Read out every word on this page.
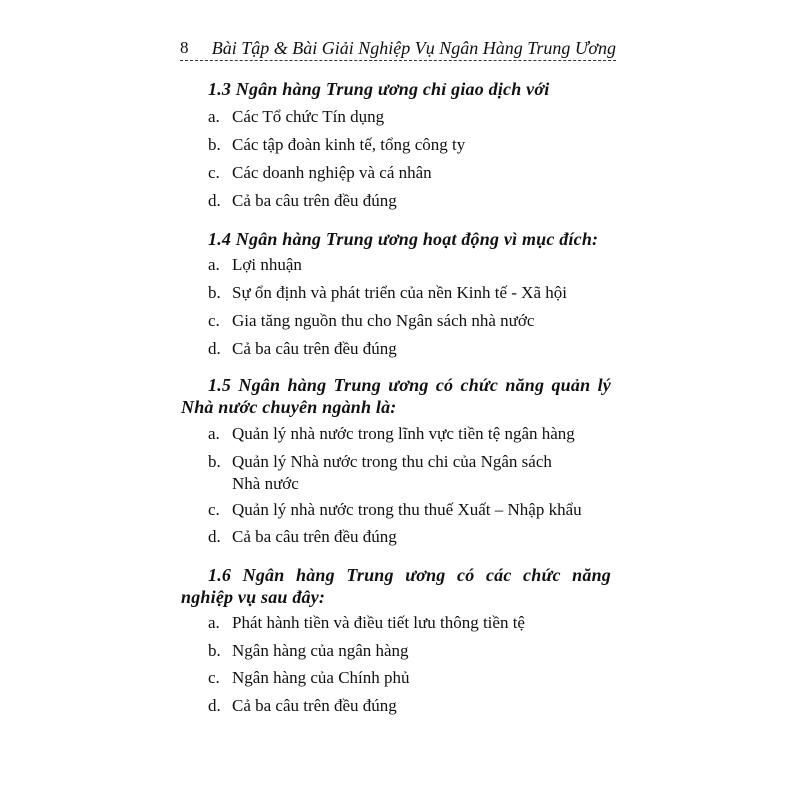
8 Bài Tập & Bài Giải Nghiệp Vụ Ngân Hàng Trung Ương
1.3 Ngân hàng Trung ương chỉ giao dịch với
a. Các Tổ chức Tín dụng
b. Các tập đoàn kinh tế, tổng công ty
c. Các doanh nghiệp và cá nhân
d. Cả ba câu trên đều đúng
1.4 Ngân hàng Trung ương hoạt động vì mục đích:
a. Lợi nhuận
b. Sự ổn định và phát triển của nền Kinh tế - Xã hội
c. Gia tăng nguồn thu cho Ngân sách nhà nước
d. Cả ba câu trên đều đúng
1.5 Ngân hàng Trung ương có chức năng quản lý
Nhà nước chuyên ngành là:
a. Quản lý nhà nước trong lĩnh vực tiền tệ ngân hàng
b. Quản lý Nhà nước trong thu chi của Ngân sách
Nhà nước
c. Quản lý nhà nước trong thu thuế Xuất – Nhập khẩu
d. Cả ba câu trên đều đúng
1.6 Ngân hàng Trung ương có các chức năng
nghiệp vụ sau đây:
a. Phát hành tiền và điều tiết lưu thông tiền tệ
b. Ngân hàng của ngân hàng
c. Ngân hàng của Chính phủ
d. Cả ba câu trên đều đúng
